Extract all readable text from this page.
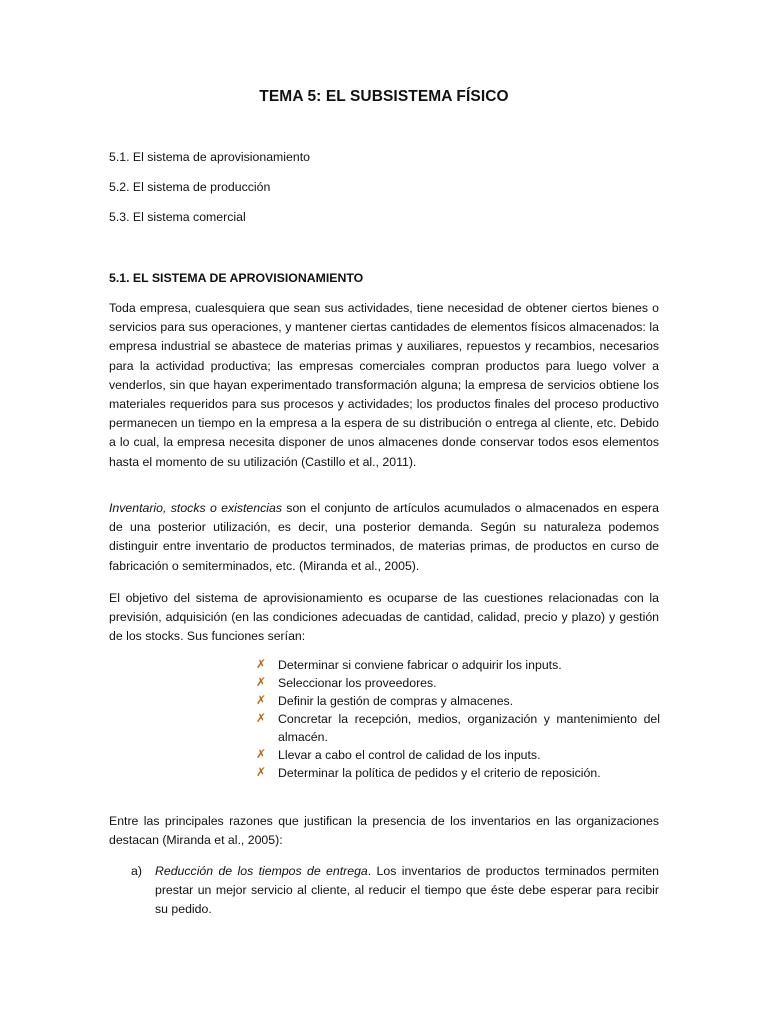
TEMA 5: EL SUBSISTEMA FÍSICO
5.1. El sistema de aprovisionamiento
5.2. El sistema de producción
5.3. El sistema comercial
5.1. EL SISTEMA DE APROVISIONAMIENTO
Toda empresa, cualesquiera que sean sus actividades, tiene necesidad de obtener ciertos bienes o servicios para sus operaciones, y mantener ciertas cantidades de elementos físicos almacenados: la empresa industrial se abastece de materias primas y auxiliares, repuestos y recambios, necesarios para la actividad productiva; las empresas comerciales compran productos para luego volver a venderlos, sin que hayan experimentado transformación alguna; la empresa de servicios obtiene los materiales requeridos para sus procesos y actividades; los productos finales del proceso productivo permanecen un tiempo en la empresa a la espera de su distribución o entrega al cliente, etc. Debido a lo cual, la empresa necesita disponer de unos almacenes donde conservar todos esos elementos hasta el momento de su utilización (Castillo et al., 2011).
Inventario, stocks o existencias son el conjunto de artículos acumulados o almacenados en espera de una posterior utilización, es decir, una posterior demanda. Según su naturaleza podemos distinguir entre inventario de productos terminados, de materias primas, de productos en curso de fabricación o semiterminados, etc. (Miranda et al., 2005).
El objetivo del sistema de aprovisionamiento es ocuparse de las cuestiones relacionadas con la previsión, adquisición (en las condiciones adecuadas de cantidad, calidad, precio y plazo) y gestión de los stocks. Sus funciones serían:
✗ Determinar si conviene fabricar o adquirir los inputs.
✗ Seleccionar los proveedores.
✗ Definir la gestión de compras y almacenes.
✗ Concretar la recepción, medios, organización y mantenimiento del almacén.
✗ Llevar a cabo el control de calidad de los inputs.
✗ Determinar la política de pedidos y el criterio de reposición.
Entre las principales razones que justifican la presencia de los inventarios en las organizaciones destacan (Miranda et al., 2005):
a) Reducción de los tiempos de entrega. Los inventarios de productos terminados permiten prestar un mejor servicio al cliente, al reducir el tiempo que éste debe esperar para recibir su pedido.
